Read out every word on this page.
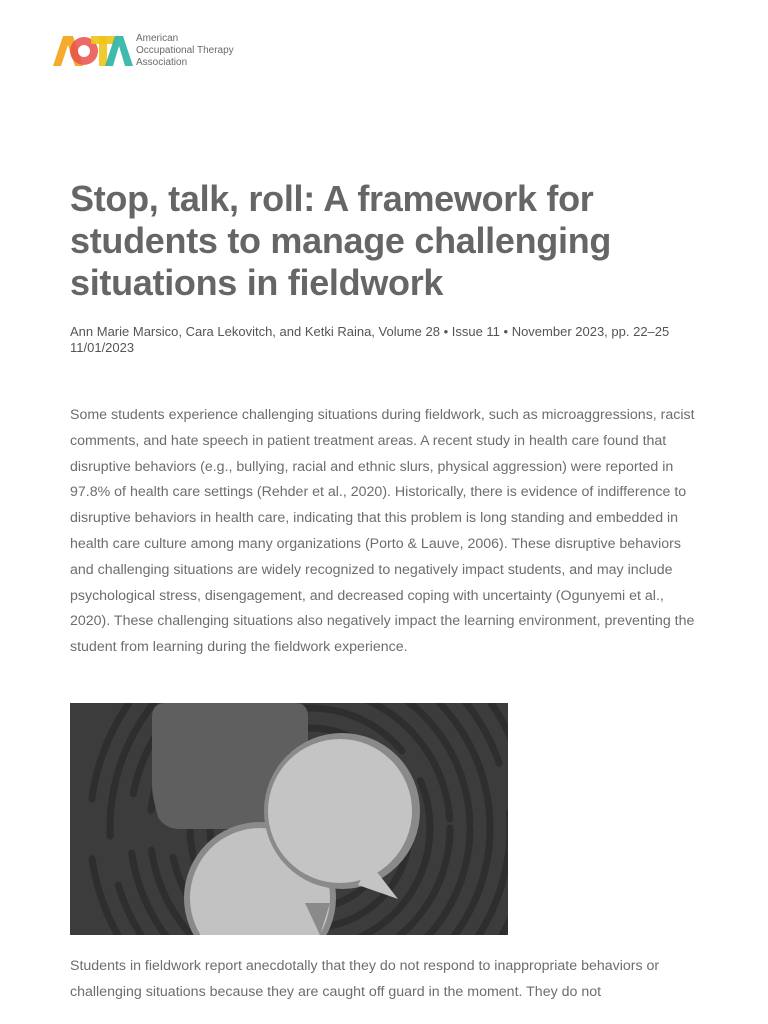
American
Occupational Therapy
Association
Stop, talk, roll: A framework for students to manage challenging situations in fieldwork
Ann Marie Marsico, Cara Lekovitch, and Ketki Raina, Volume 28 • Issue 11 • November 2023, pp. 22–25
11/01/2023

Some students experience challenging situations during fieldwork, such as microaggressions, racist comments, and hate speech in patient treatment areas. A recent study in health care found that disruptive behaviors (e.g., bullying, racial and ethnic slurs, physical aggression) were reported in 97.8% of health care settings (Rehder et al., 2020). Historically, there is evidence of indifference to disruptive behaviors in health care, indicating that this problem is long standing and embedded in health care culture among many organizations (Porto & Lauve, 2006). These disruptive behaviors and challenging situations are widely recognized to negatively impact students, and may include psychological stress, disengagement, and decreased coping with uncertainty (Ogunyemi et al., 2020). These challenging situations also negatively impact the learning environment, preventing the student from learning during the fieldwork experience.

Students in fieldwork report anecdotally that they do not respond to inappropriate behaviors or challenging situations because they are caught off guard in the moment. They do not
